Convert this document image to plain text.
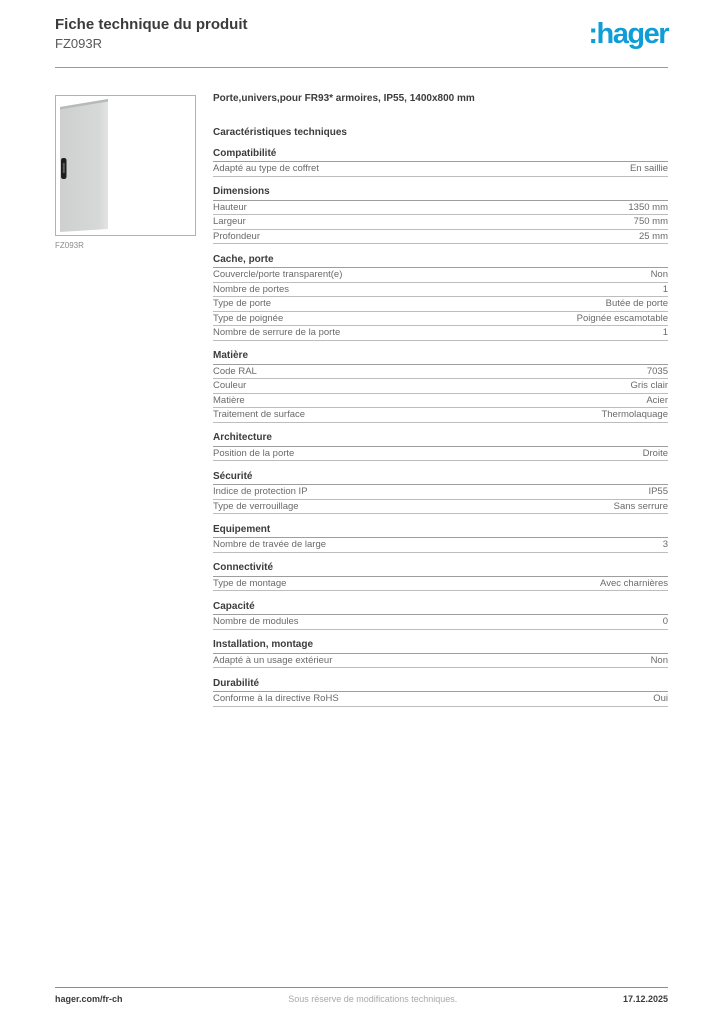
Fiche technique du produit
FZ093R	:hager
FZ093R
Porte,univers,pour FR93* armoires, IP55, 1400x800 mm
Caractéristiques techniques
Compatibilité
Adapté au type de coffret	En saillie
Dimensions
Hauteur	1350 mm
Largeur	750 mm
Profondeur	25 mm
Cache, porte
Couvercle/porte transparent(e)	Non
Nombre de portes	1
Type de porte	Butée de porte
Type de poignée	Poignée escamotable
Nombre de serrure de la porte	1
Matière
Code RAL	7035
Couleur	Gris clair
Matière	Acier
Traitement de surface	Thermolaquage
Architecture
Position de la porte	Droite
Sécurité
Indice de protection IP	IP55
Type de verrouillage	Sans serrure
Equipement
Nombre de travée de large	3
Connectivité
Type de montage	Avec charnières
Capacité
Nombre de modules	0
Installation, montage
Adapté à un usage extérieur	Non
Durabilité
Conforme à la directive RoHS	Oui
hager.com/fr-ch	Sous réserve de modifications techniques.	17.12.2025
